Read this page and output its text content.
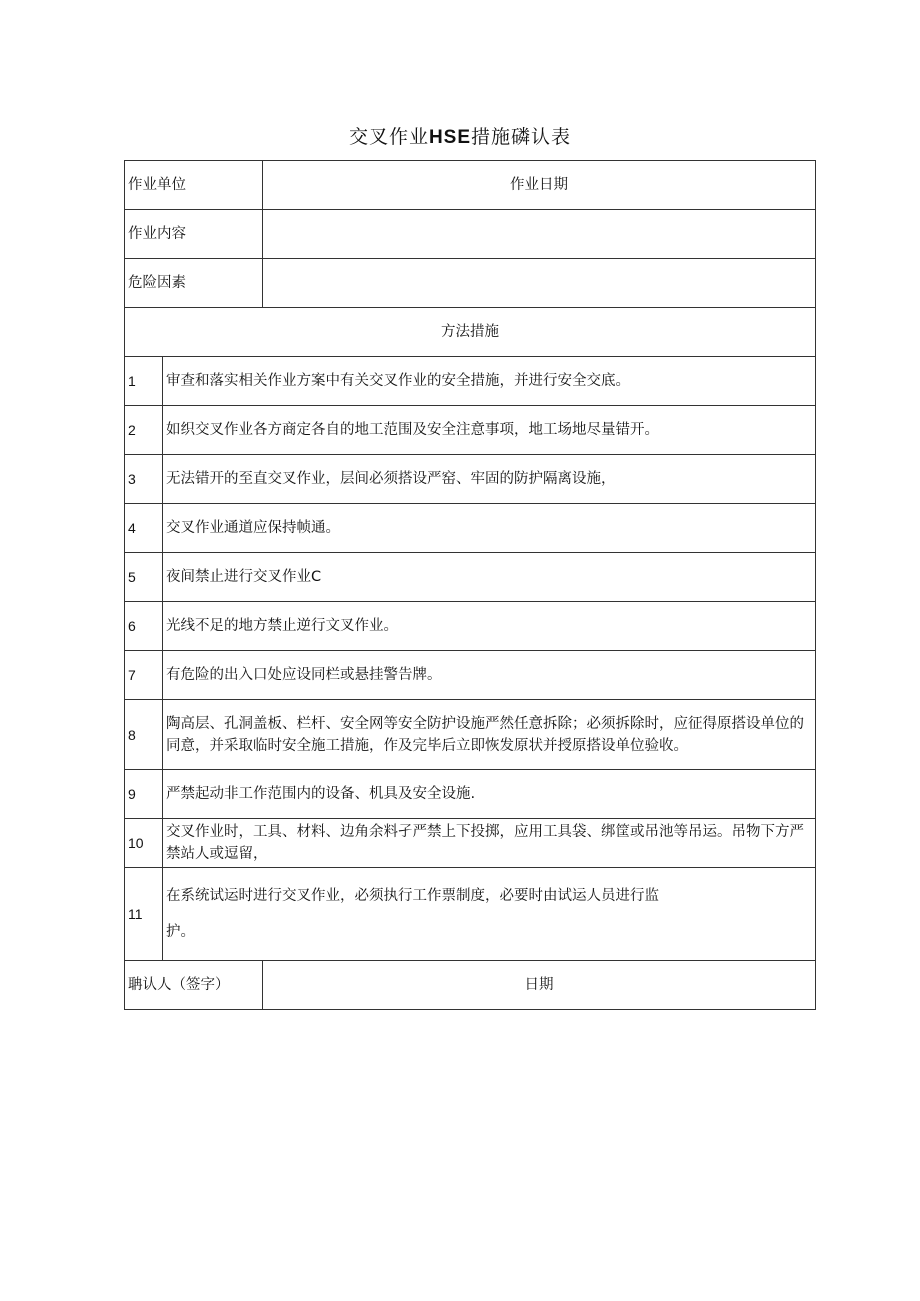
交叉作业HSE措施磷认表
作业单位		作业日期
作业内容		
危险因素		
方法措施		
1	审查和落实相关作业方案中有关交叉作业的安全措施，并进行安全交底。	
2	如织交叉作业各方商定各自的地工范围及安全注意事项，地工场地尽量错开。	
3	无法错开的至直交叉作业，层间必须搭设严窑、牢固的防护隔离设施，	
4	交叉作业通道应保持帧通。	
5	夜间禁止进行交叉作业C	
6	光线不足的地方禁止逆行文叉作业。	
7	有危险的出入口处应设同栏或悬挂警告牌。	
8	陶高层、孔洞盖板、栏杆、安全网等安全防护设施严然任意拆除；必须拆除时，应征得原搭设单位的同意，并采取临时安全施工措施，作及完毕后立即恢发原状并授原搭设单位验收。	
9	严禁起动非工作范围内的设备、机具及安全设施.	
10	交叉作业时，工具、材料、边角余料孑严禁上下投掷，应用工具袋、绑筐或吊池等吊运。吊物下方严禁站人或逗留，	
11	在系统试运时进行交叉作业，必须执行工作票制度，必要时由试运人员进行监
护。	

聃认人（签字）		日期
